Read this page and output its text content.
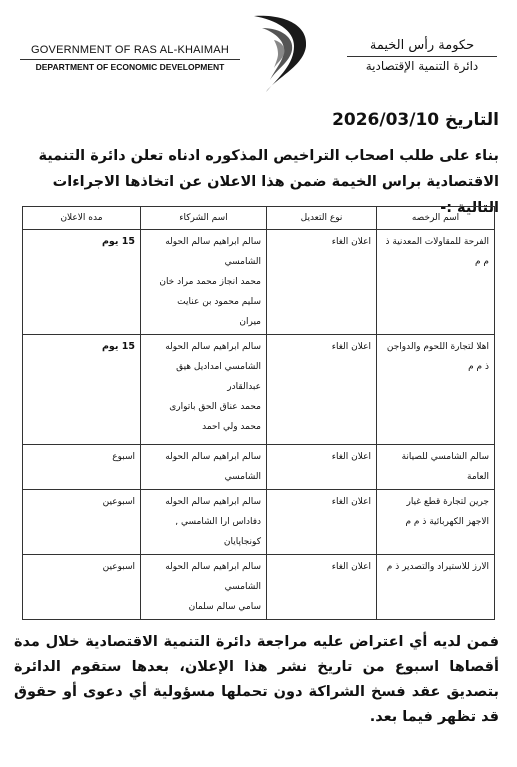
GOVERNMENT OF RAS AL-KHAIMAH
DEPARTMENT OF ECONOMIC DEVELOPMENT
حكومة رأس الخيمة
دائرة التنمية الإقتصادية
التاريخ 2026/03/10
بناء على طلب اصحاب التراخيص المذكوره ادناه تعلن دائرة التنمية الاقتصادية براس الخيمة ضمن هذا الاعلان عن اتخاذها الاجراءات التالية :-
اسم الرخصه	نوع التعديل	اسم الشركاء	مده الاعلان
الفرحة للمقاولات المعدنية ذ م م	اعلان الغاء	سالم ابراهيم سالم الحوله الشامسي
محمد انجاز محمد مراد خان
سليم محمود بن عنايت
ميران	15 يوم
اهلا لتجارة اللحوم والدواجن ذ م م	اعلان الغاء	سالم ابراهيم سالم الحوله
الشامسي امداديل هيق
عبدالقادر
محمد عناق الحق باتواری
محمد ولي احمد	15 يوم
سالم الشامسي للصيانة العامة	اعلان الغاء	سالم ابراهيم سالم الحوله
الشامسي	اسبوع
جرين لتجارة قطع غيار الاجهز الكهربائية ذ م م	اعلان الغاء	سالم ابراهيم سالم الحوله
دفاداس ارا الشامسي ,
كونجاپایان	اسبوعين
الارز للاستيراد والتصدير ذ م	اعلان الغاء	سالم ابراهيم سالم الحوله
الشامسي
سامي سالم سلمان	اسبوعين
فمن لديه أي اعتراض عليه مراجعة دائرة التنمية الاقتصادية خلال مدة أقصاها اسبوع من تاريخ نشر هذا الإعلان، بعدها ستقوم الدائرة بتصديق عقد فسخ الشراكة دون تحملها مسؤولية أي دعوى أو حقوق قد تظهر فيما بعد.
